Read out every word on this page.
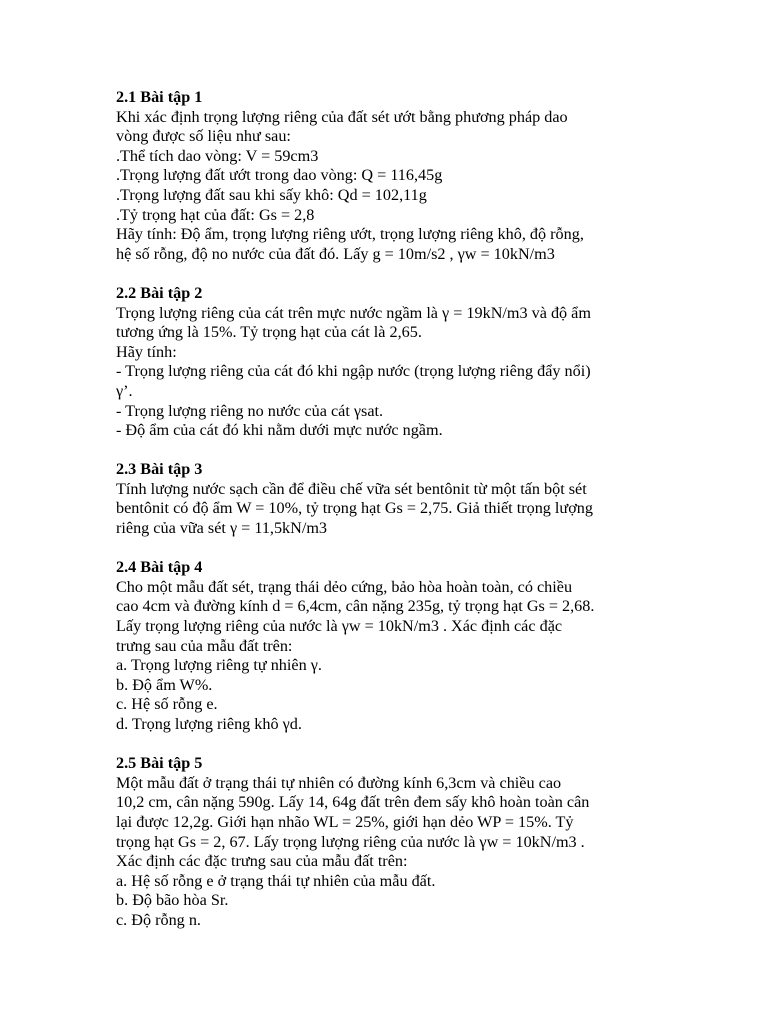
2.1 Bài tập 1
Khi xác định trọng lượng riêng của đất sét ướt bằng phương pháp dao
vòng được số liệu như sau:
.Thể tích dao vòng: V = 59cm3
.Trọng lượng đất ướt trong dao vòng: Q = 116,45g
.Trọng lượng đất sau khi sấy khô: Qd = 102,11g
.Tỷ trọng hạt của đất: Gs = 2,8
Hãy tính: Độ ẩm, trọng lượng riêng ướt, trọng lượng riêng khô, độ rỗng,
hệ số rỗng, độ no nước của đất đó. Lấy g = 10m/s2 , γw = 10kN/m3
2.2 Bài tập 2
Trọng lượng riêng của cát trên mực nước ngầm là γ = 19kN/m3 và độ ẩm
tương ứng là 15%. Tỷ trọng hạt của cát là 2,65.
Hãy tính:
- Trọng lượng riêng của cát đó khi ngập nước (trọng lượng riêng đẩy nổi)
γ’.
- Trọng lượng riêng no nước của cát γsat.
- Độ ẩm của cát đó khi nằm dưới mực nước ngầm.
2.3 Bài tập 3
Tính lượng nước sạch cần để điều chế vữa sét bentônit từ một tấn bột sét
bentônit có độ ẩm W = 10%, tỷ trọng hạt Gs = 2,75. Giả thiết trọng lượng
riêng của vữa sét γ = 11,5kN/m3
2.4 Bài tập 4
Cho một mẫu đất sét, trạng thái dẻo cứng, bảo hòa hoàn toàn, có chiều
cao 4cm và đường kính d = 6,4cm, cân nặng 235g, tỷ trọng hạt Gs = 2,68.
Lấy trọng lượng riêng của nước là γw = 10kN/m3 . Xác định các đặc
trưng sau của mẫu đất trên:
a. Trọng lượng riêng tự nhiên γ.
b. Độ ẩm W%.
c. Hệ số rỗng e.
d. Trọng lượng riêng khô γd.
2.5 Bài tập 5
Một mẫu đất ở trạng thái tự nhiên có đường kính 6,3cm và chiều cao
10,2 cm, cân nặng 590g. Lấy 14, 64g đất trên đem sấy khô hoàn toàn cân
lại được 12,2g. Giới hạn nhão WL = 25%, giới hạn dẻo WP = 15%. Tỷ
trọng hạt Gs = 2, 67. Lấy trọng lượng riêng của nước là γw = 10kN/m3 .
Xác định các đặc trưng sau của mẫu đất trên:
a. Hệ số rỗng e ở trạng thái tự nhiên của mẫu đất.
b. Độ bão hòa Sr.
c. Độ rỗng n.
